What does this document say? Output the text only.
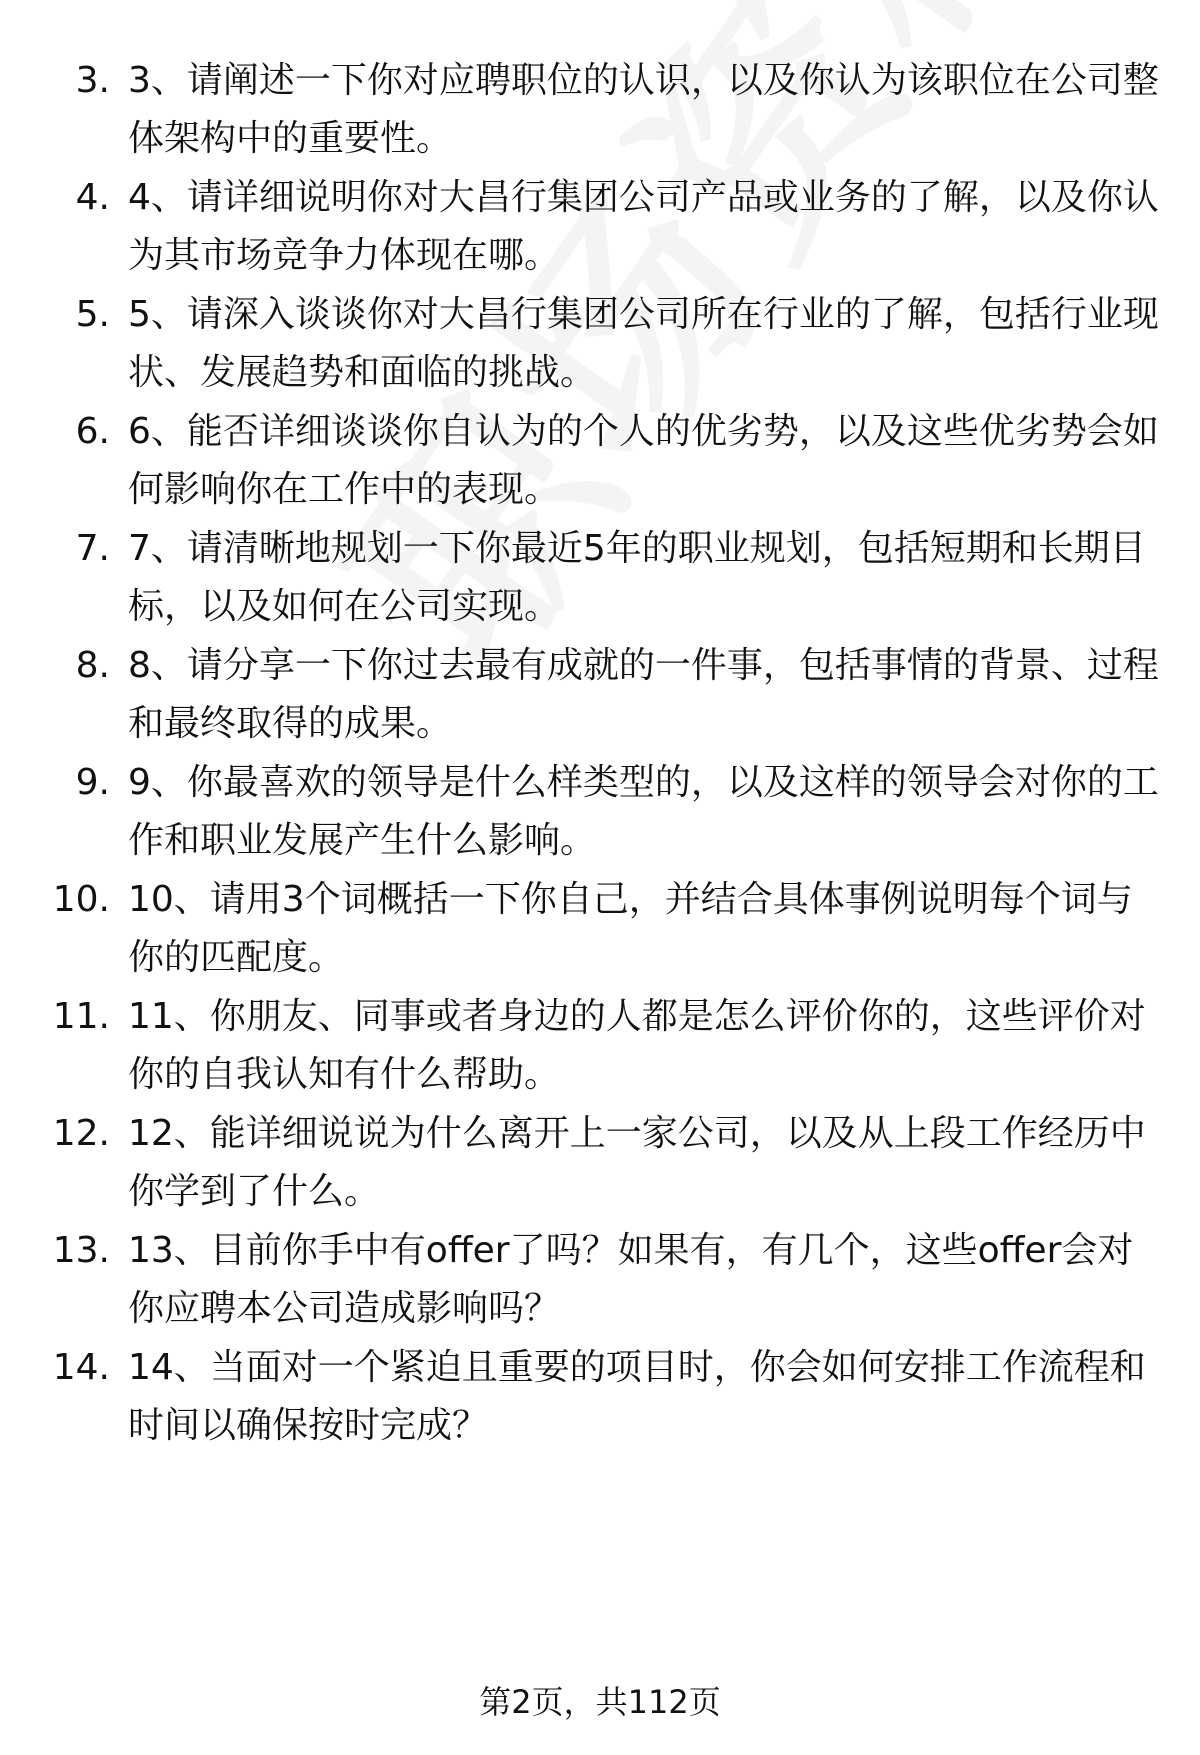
3. 3、请阐述一下你对应聘职位的认识，以及你认为该职位在公司整体架构中的重要性。
4. 4、请详细说明你对大昌行集团公司产品或业务的了解，以及你认为其市场竞争力体现在哪。
5. 5、请深入谈谈你对大昌行集团公司所在行业的了解，包括行业现状、发展趋势和面临的挑战。
6. 6、能否详细谈谈你自认为的个人的优劣势，以及这些优劣势会如何影响你在工作中的表现。
7. 7、请清晰地规划一下你最近5年的职业规划，包括短期和长期目标，以及如何在公司实现。
8. 8、请分享一下你过去最有成就的一件事，包括事情的背景、过程和最终取得的成果。
9. 9、你最喜欢的领导是什么样类型的，以及这样的领导会对你的工作和职业发展产生什么影响。
10. 10、请用3个词概括一下你自己，并结合具体事例说明每个词与你的匹配度。
11. 11、你朋友、同事或者身边的人都是怎么评价你的，这些评价对你的自我认知有什么帮助。
12. 12、能详细说说为什么离开上一家公司，以及从上段工作经历中你学到了什么。
13. 13、目前你手中有offer了吗？如果有，有几个，这些offer会对你应聘本公司造成影响吗？
14. 14、当面对一个紧迫且重要的项目时，你会如何安排工作流程和时间以确保按时完成？
第2页，共112页
